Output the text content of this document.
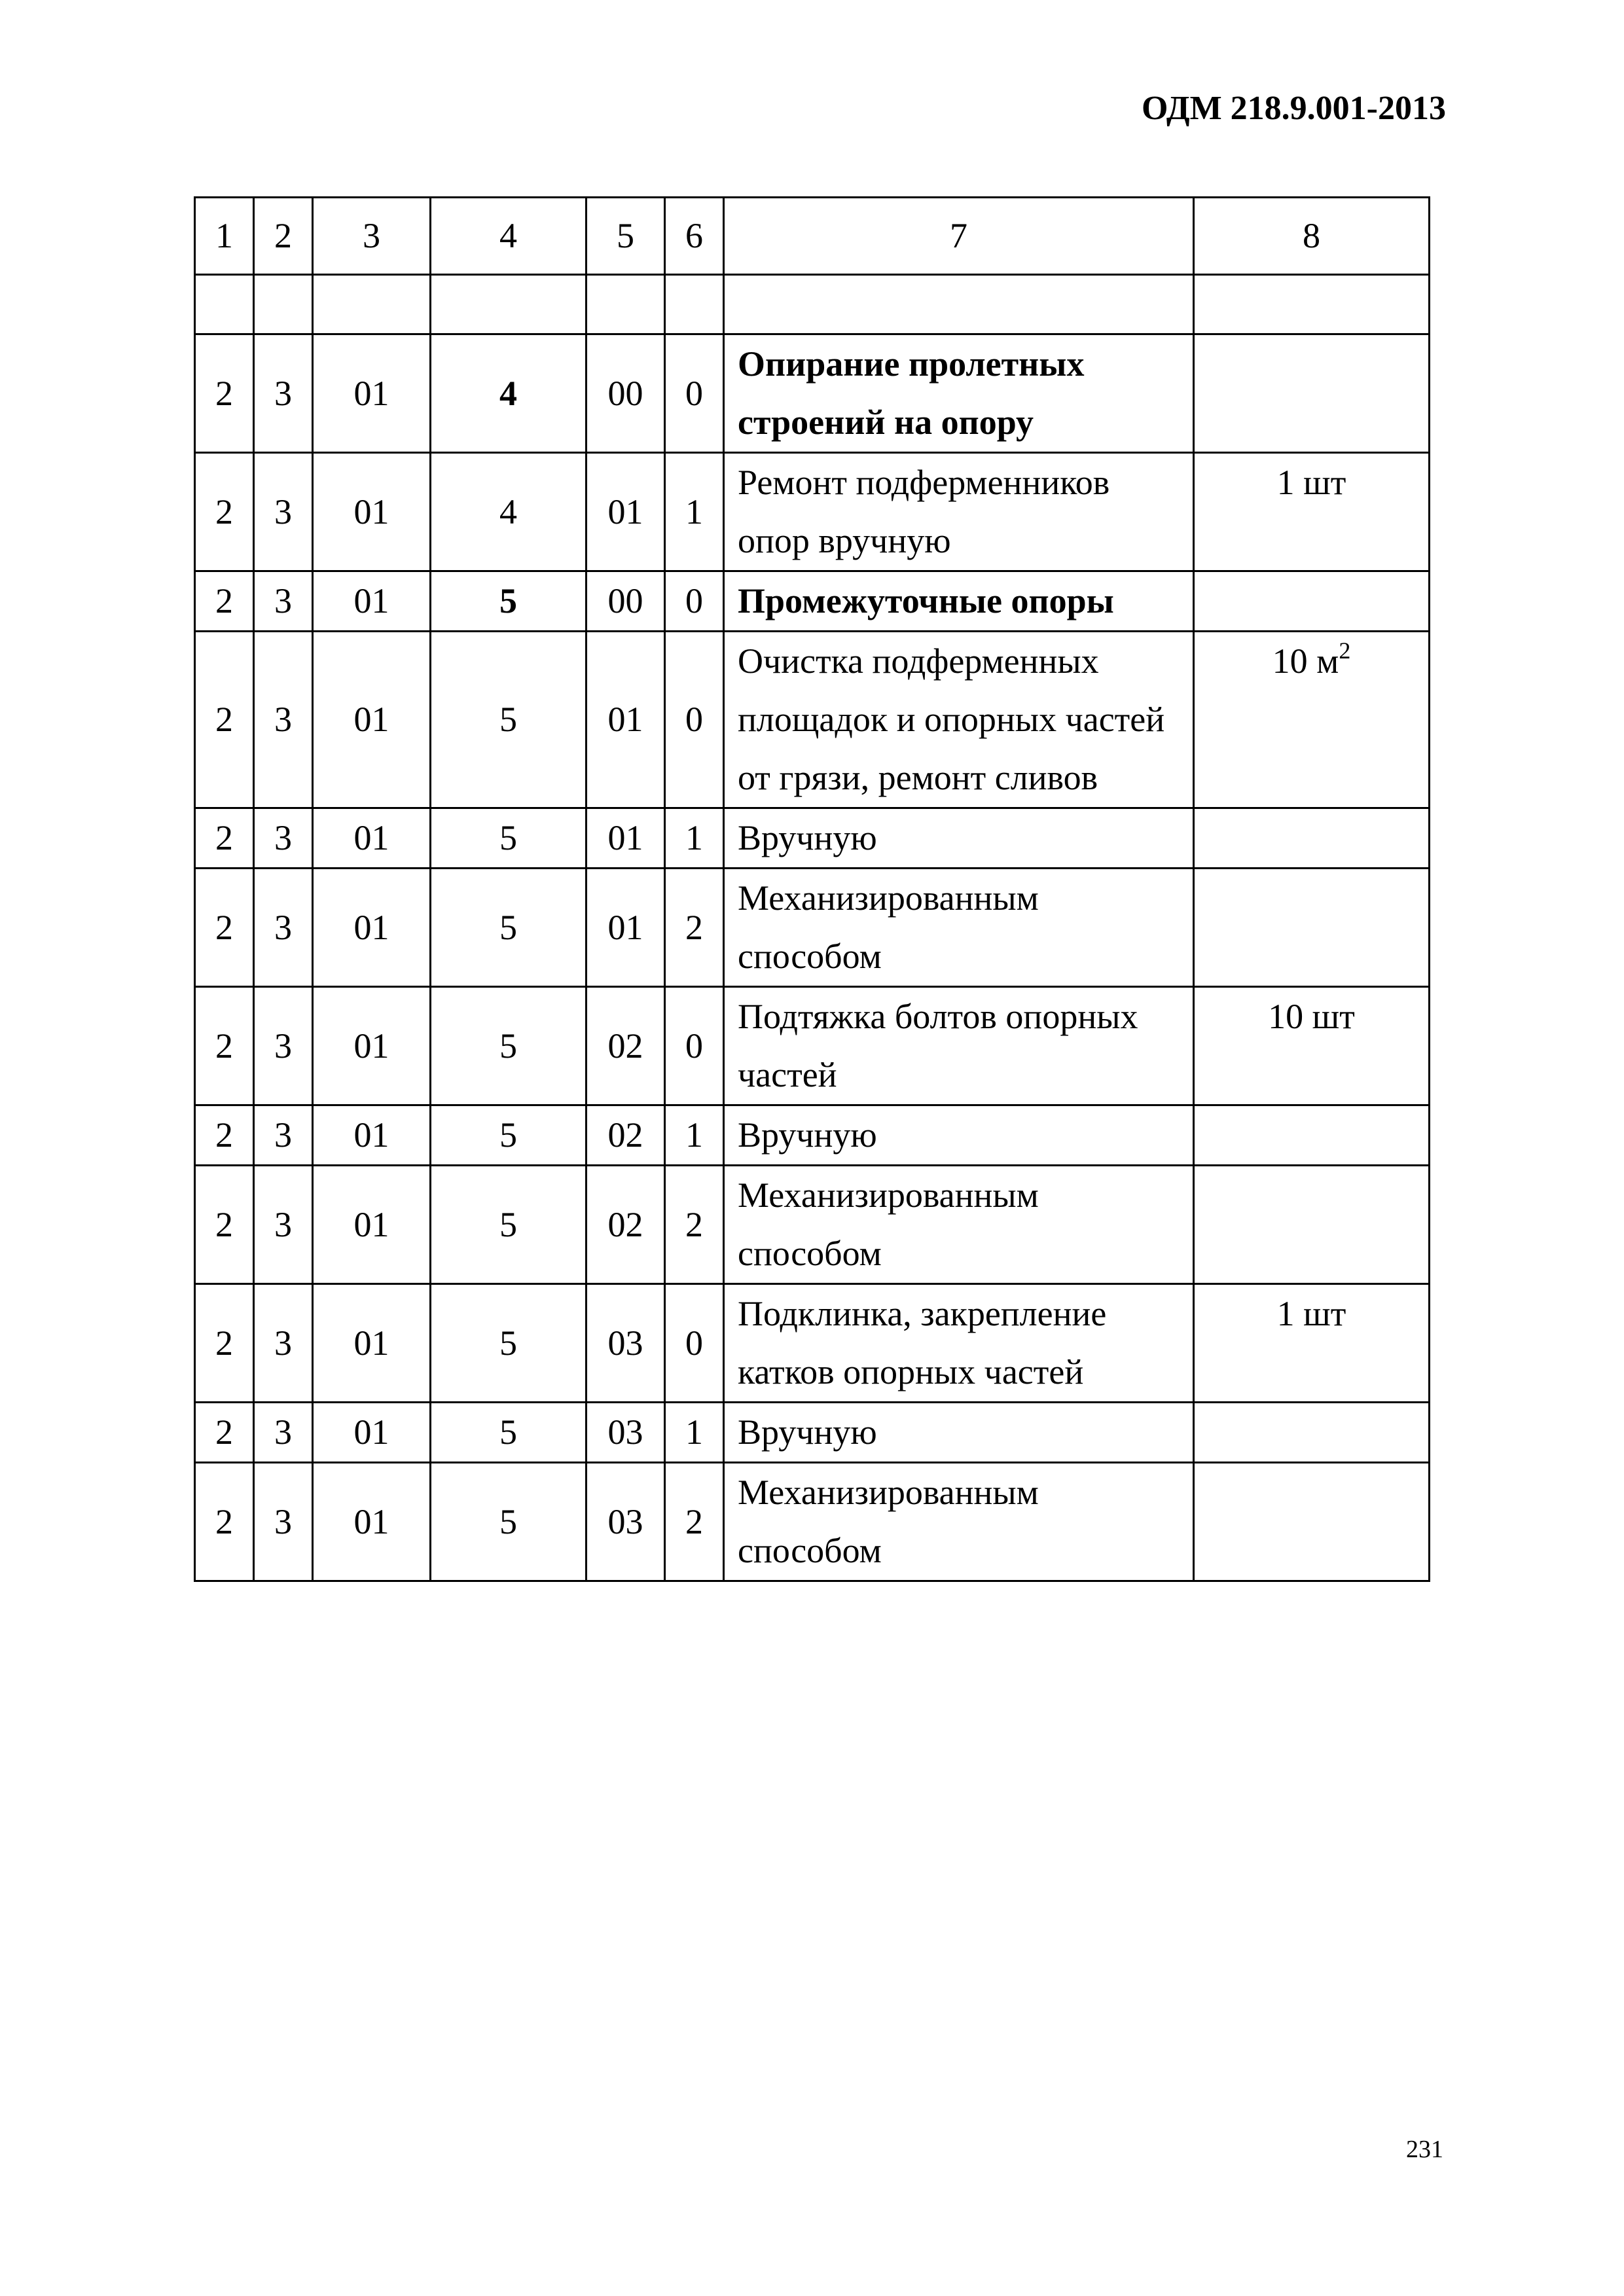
ОДМ 218.9.001-2013
1	2	3	4	5	6	7	8

2	3	01	4	00	0	Опирание пролетных строений на опору	
2	3	01	4	01	1	Ремонт подферменников опор вручную	1 шт
2	3	01	5	00	0	Промежуточные опоры	
2	3	01	5	01	0	Очистка подферменных площадок и опорных частей от грязи, ремонт сливов	10 $м^2$
2	3	01	5	01	1	Вручную	
2	3	01	5	01	2	Механизированным способом	
2	3	01	5	02	0	Подтяжка болтов опорных частей	10 шт
2	3	01	5	02	1	Вручную	
2	3	01	5	02	2	Механизированным способом	
2	3	01	5	03	0	Подклинка, закрепление катков опорных частей	1 шт
2	3	01	5	03	1	Вручную	
2	3	01	5	03	2	Механизированным способом	
231
